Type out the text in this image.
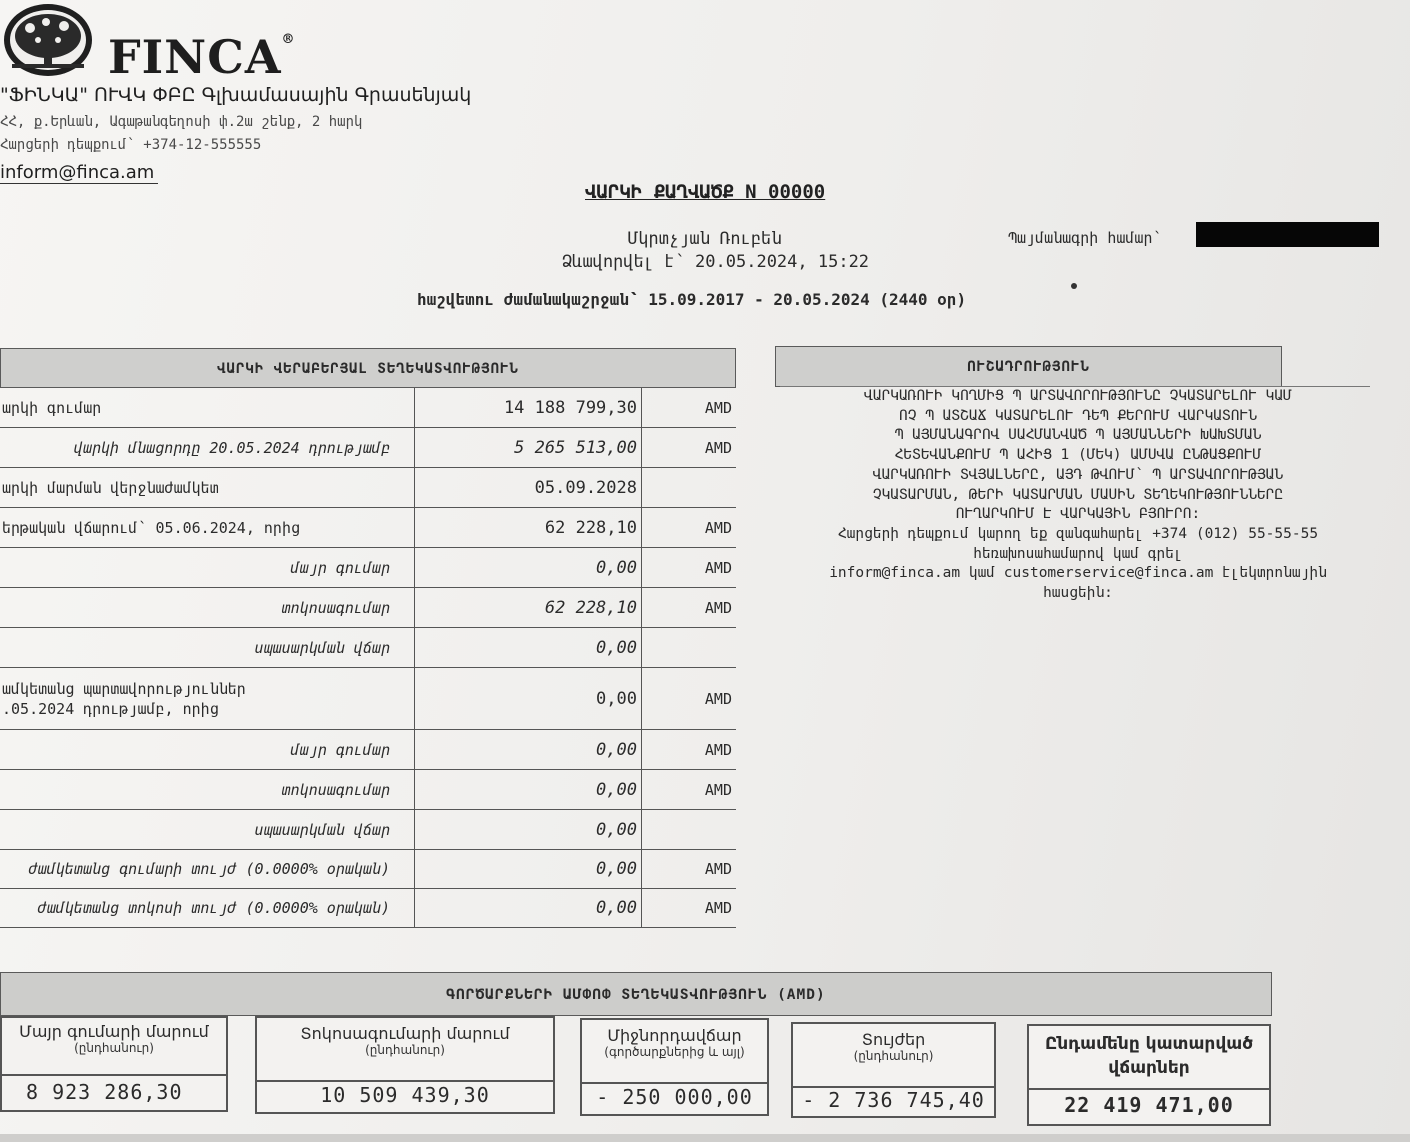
FINCA®
"ՖԻՆԿԱ" ՈՒՎԿ ՓԲԸ Գլխամասային Գրասենյակ
ՀՀ, ք.Երևան, Ագաթանգեղոսի փ.2ա շենք, 2 հարկ
Հարցերի դեպքում՝ +374-12-555555
inform@finca.am
ՎԱՐԿԻ ՔԱՂՎԱԾՔ N 00000
Մկրտչյան Ռուբեն
Ձևավորվել է՝ 20.05.2024, 15:22
Պայմանագրի համար՝
հաշվետու ժամանակաշրջան՝ 15.09.2017 - 20.05.2024 (2440 օր)
ՎԱՐԿԻ ՎԵՐԱԲԵՐՅԱԼ ՏԵՂԵԿԱՏՎՈՒԹՅՈՒՆ
արկի գումար	14 188 799,30	AMD
վարկի մնացորդը 20.05.2024 դրությամբ	5 265 513,00	AMD
արկի մարման վերջնաժամկետ	05.09.2028
երթական վճարում՝ 05.06.2024, որից	62 228,10	AMD
մայր գումար	0,00	AMD
տոկոսագումար	62 228,10	AMD
սպասարկման վճար	0,00
ամկետանց պարտավորություններ
.05.2024 դրությամբ, որից	0,00	AMD
մայր գումար	0,00	AMD
տոկոսագումար	0,00	AMD
սպասարկման վճար	0,00
ժամկետանց գումարի տույժ (0.0000% օրական)	0,00	AMD
ժամկետանց տոկոսի տույժ (0.0000% օրական)	0,00	AMD
ՈՒՇԱԴՐՈՒԹՅՈՒՆ
ՎԱՐԿԱՌՈՒԻ ԿՈՂՄԻՑ Պ ԱՐՏԱՎՈՐՈՒԹՅՈՒՆԸ ՉԿԱՏԱՐԵԼՈՒ ԿԱՄ
ՈՉ Պ ԱՏՇԱՃ ԿԱՏԱՐԵԼՈՒ ԴԵՊ ՔԵՐՈՒՄ ՎԱՐԿԱՏՈՒՆ
Պ ԱՅՄԱՆԱԳՐՈՎ ՍԱՀՄԱՆՎԱԾ Պ ԱՅՄԱՆՆԵՐԻ ԽԱԽՏՄԱՆ
ՀԵՏԵՎԱՆՔՈՒՄ Պ ԱՀԻՑ 1 (ՄԵԿ) ԱՄՍՎԱ ԸՆԹԱՑՔՈՒՄ
ՎԱՐԿԱՌՈՒԻ ՏՎՅԱԼՆԵՐԸ, ԱՅԴ ԹՎՈՒՄ՝ Պ ԱՐՏԱՎՈՐՈՒԹՅԱՆ
ՉԿԱՏԱՐՄԱՆ, ԹԵՐԻ ԿԱՏԱՐՄԱՆ ՄԱՍԻՆ ՏԵՂԵԿՈՒԹՅՈՒՆՆԵՐԸ
ՈՒՂԱՐԿՈՒՄ Է ՎԱՐԿԱՅԻՆ ԲՅՈՒՐՈ:
Հարցերի դեպքում կարող եք զանգահարել +374 (012) 55-55-55
հեռախոսահամարով կամ գրել
inform@finca.am կամ customerservice@finca.am էլեկտրոնային
հասցեին:
ԳՈՐԾԱՐՔՆԵՐԻ ԱՄՓՈՓ ՏԵՂԵԿԱՏՎՈՒԹՅՈՒՆ (AMD)
Մայր գումարի մարում
(ընդհանուր)
8 923 286,30
Տոկոսագումարի մարում
(ընդհանուր)
10 509 439,30
Միջնորդավճար
(գործարքներից և այլ)
- 250 000,00
Տույժեր
(ընդհանուր)
- 2 736 745,40
Ընդամենը կատարված
վճարներ
22 419 471,00
